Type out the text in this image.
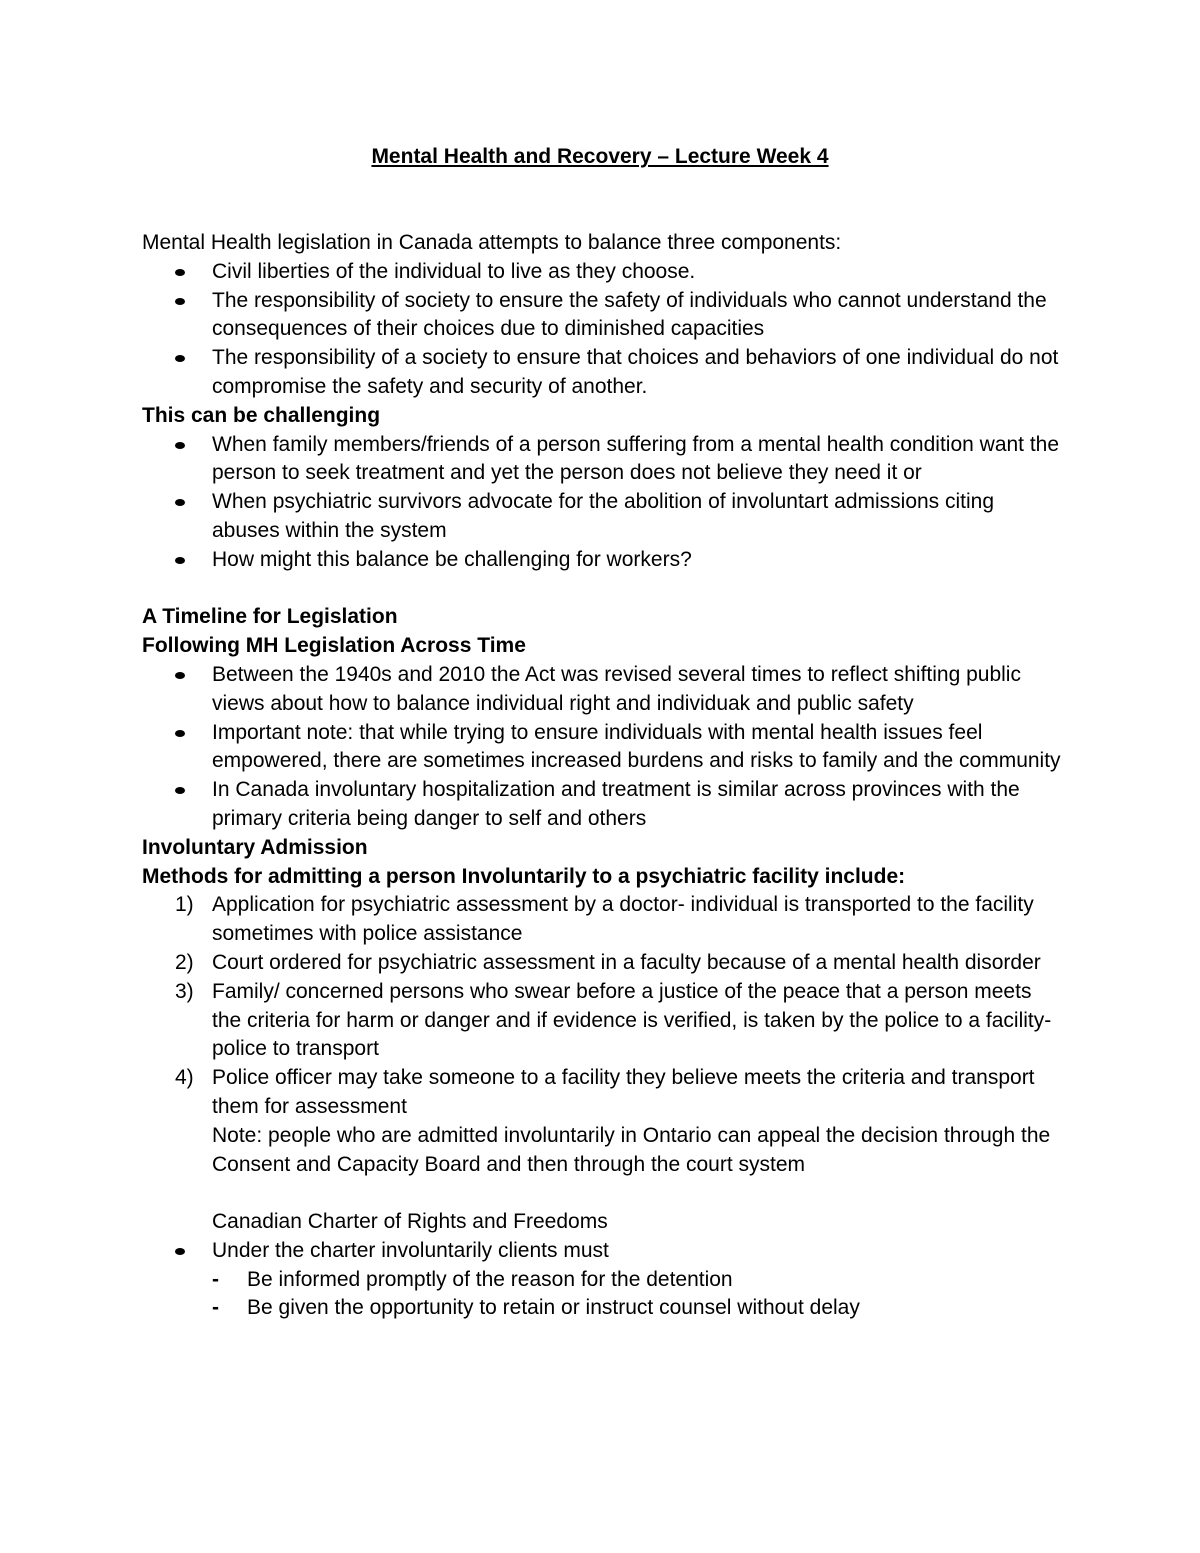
Mental Health and Recovery – Lecture Week 4

Mental Health legislation in Canada attempts to balance three components:

Civil liberties of the individual to live as they choose.
The responsibility of society to ensure the safety of individuals who cannot understand the consequences of their choices due to diminished capacities
The responsibility of a society to ensure that choices and behaviors of one individual do not compromise the safety and security of another.

This can be challenging

When family members/friends of a person suffering from a mental health condition want the person to seek treatment and yet the person does not believe they need it or
When psychiatric survivors advocate for the abolition of involuntart admissions citing abuses within the system
How might this balance be challenging for workers?

A Timeline for Legislation

Following MH Legislation Across Time

Between the 1940s and 2010 the Act was revised several times to reflect shifting public views about how to balance individual right and individuak and public safety
Important note: that while trying to ensure individuals with mental health issues feel empowered, there are sometimes increased burdens and risks to family and the community
In Canada involuntary hospitalization and treatment is similar across provinces with the primary criteria being danger to self and others

Involuntary Admission

Methods for admitting a person Involuntarily to a psychiatric facility include:

1) Application for psychiatric assessment by a doctor- individual is transported to the facility sometimes with police assistance
2) Court ordered for psychiatric assessment in a faculty because of a mental health disorder
3) Family/ concerned persons who swear before a justice of the peace that a person meets the criteria for harm or danger and if evidence is verified, is taken by the police to a facility-police to transport
4) Police officer may take someone to a facility they believe meets the criteria and transport them for assessment

Note: people who are admitted involuntarily in Ontario can appeal the decision through the Consent and Capacity Board and then through the court system

Canadian Charter of Rights and Freedoms

Under the charter involuntarily clients must
- Be informed promptly of the reason for the detention
- Be given the opportunity to retain or instruct counsel without delay
